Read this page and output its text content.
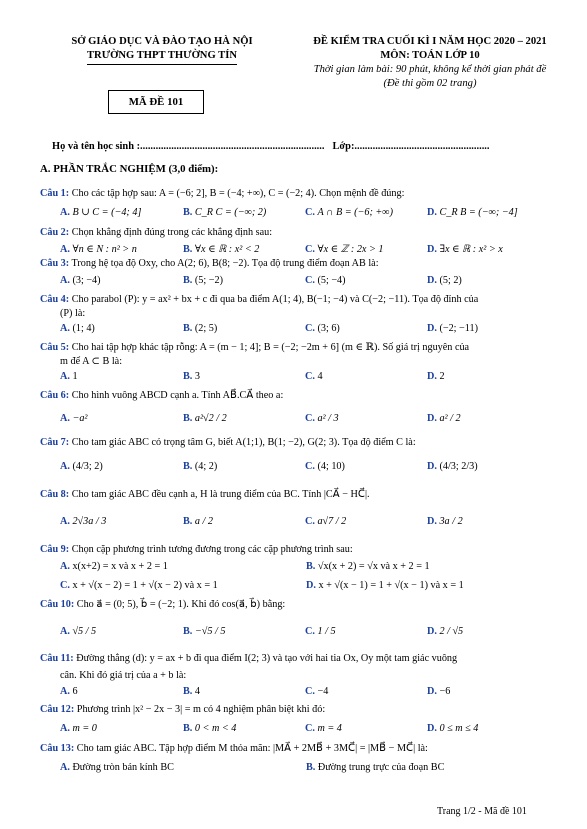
SỞ GIÁO DỤC VÀ ĐÀO TẠO HÀ NỘI
TRƯỜNG THPT THƯỜNG TÍN
ĐỀ KIỂM TRA CUỐI KÌ I NĂM HỌC 2020 – 2021
MÔN: TOÁN LỚP 10
Thời gian làm bài: 90 phút, không kể thời gian phát đề
(Đề thi gồm 02 trang)
MÃ ĐỀ 101
Họ và tên học sinh :....................................................................... Lớp:....................................................
A. PHẦN TRẮC NGHIỆM (3,0 điểm):
Câu 1: Cho các tập hợp sau: A = (−6; 2], B = (−4; +∞), C = (−2; 4). Chọn mệnh đề đúng:
A. B ∪ C = (−4; 4]	B. C_R C = (−∞; 2)	C. A ∩ B = (−6; +∞)	D. C_R B = (−∞; −4]
Câu 2: Chọn khẳng định đúng trong các khẳng định sau:
A. ∀n ∈ N : n² > n	B. ∀x ∈ ℝ : x² < 2	C. ∀x ∈ ℤ : 2x > 1	D. ∃x ∈ ℝ : x² > x
Câu 3: Trong hệ tọa độ Oxy, cho A(2; 6), B(8; −2). Tọa độ trung điểm đoạn AB là:
A. (3; −4)	B. (5; −2)	C. (5; −4)	D. (5; 2)
Câu 4: Cho parabol (P): y = ax² + bx + c đi qua ba điểm A(1; 4), B(−1; −4) và C(−2; −11). Tọa độ đỉnh của
(P) là:
A. (1; 4)	B. (2; 5)	C. (3; 6)	D. (−2; −11)
Câu 5: Cho hai tập hợp khác tập rỗng: A = (m − 1; 4]; B = (−2; −2m + 6] (m ∈ ℝ). Số giá trị nguyên của
m để A ⊂ B là:
A. 1	B. 3	C. 4	D. 2
Câu 6: Cho hình vuông ABCD cạnh a. Tính AB⃗.CA⃗ theo a:
A. −a²	B. a²√2 / 2	C. a² / 3	D. a² / 2
Câu 7: Cho tam giác ABC có trọng tâm G, biết A(1;1), B(1; −2), G(2; 3). Tọa độ điểm C là:
A. (4/3; 2)	B. (4; 2)	C. (4; 10)	D. (4/3; 2/3)
Câu 8: Cho tam giác ABC đều cạnh a, H là trung điểm của BC. Tính |CA⃗ − HC⃗|.
A. 2√3a / 3	B. a / 2	C. a√7 / 2	D. 3a / 2
Câu 9: Chọn cặp phương trình tương đương trong các cặp phương trình sau:
A. x(x+2) = x và x + 2 = 1	B. √x(x + 2) = √x và x + 2 = 1
C. x + √(x − 2) = 1 + √(x − 2) và x = 1	D. x + √(x − 1) = 1 + √(x − 1) và x = 1
Câu 10: Cho a⃗ = (0; 5), b⃗ = (−2; 1). Khi đó cos(a⃗, b⃗) bằng:
A. √5 / 5	B. −√5 / 5	C. 1 / 5	D. 2 / √5
Câu 11: Đường thẳng (d): y = ax + b đi qua điểm I(2; 3) và tạo với hai tia Ox, Oy một tam giác vuông
cân. Khi đó giá trị của a + b là:
A. 6	B. 4	C. −4	D. −6
Câu 12: Phương trình |x² − 2x − 3| = m có 4 nghiệm phân biệt khi đó:
A. m = 0	B. 0 < m < 4	C. m = 4	D. 0 ≤ m ≤ 4
Câu 13: Cho tam giác ABC. Tập hợp điểm M thỏa mãn: |MA⃗ + 2MB⃗ + 3MC⃗| = |MB⃗ − MC⃗| là:
A. Đường tròn bán kính BC	B. Đường trung trực của đoạn BC
Trang 1/2 - Mã đề 101
